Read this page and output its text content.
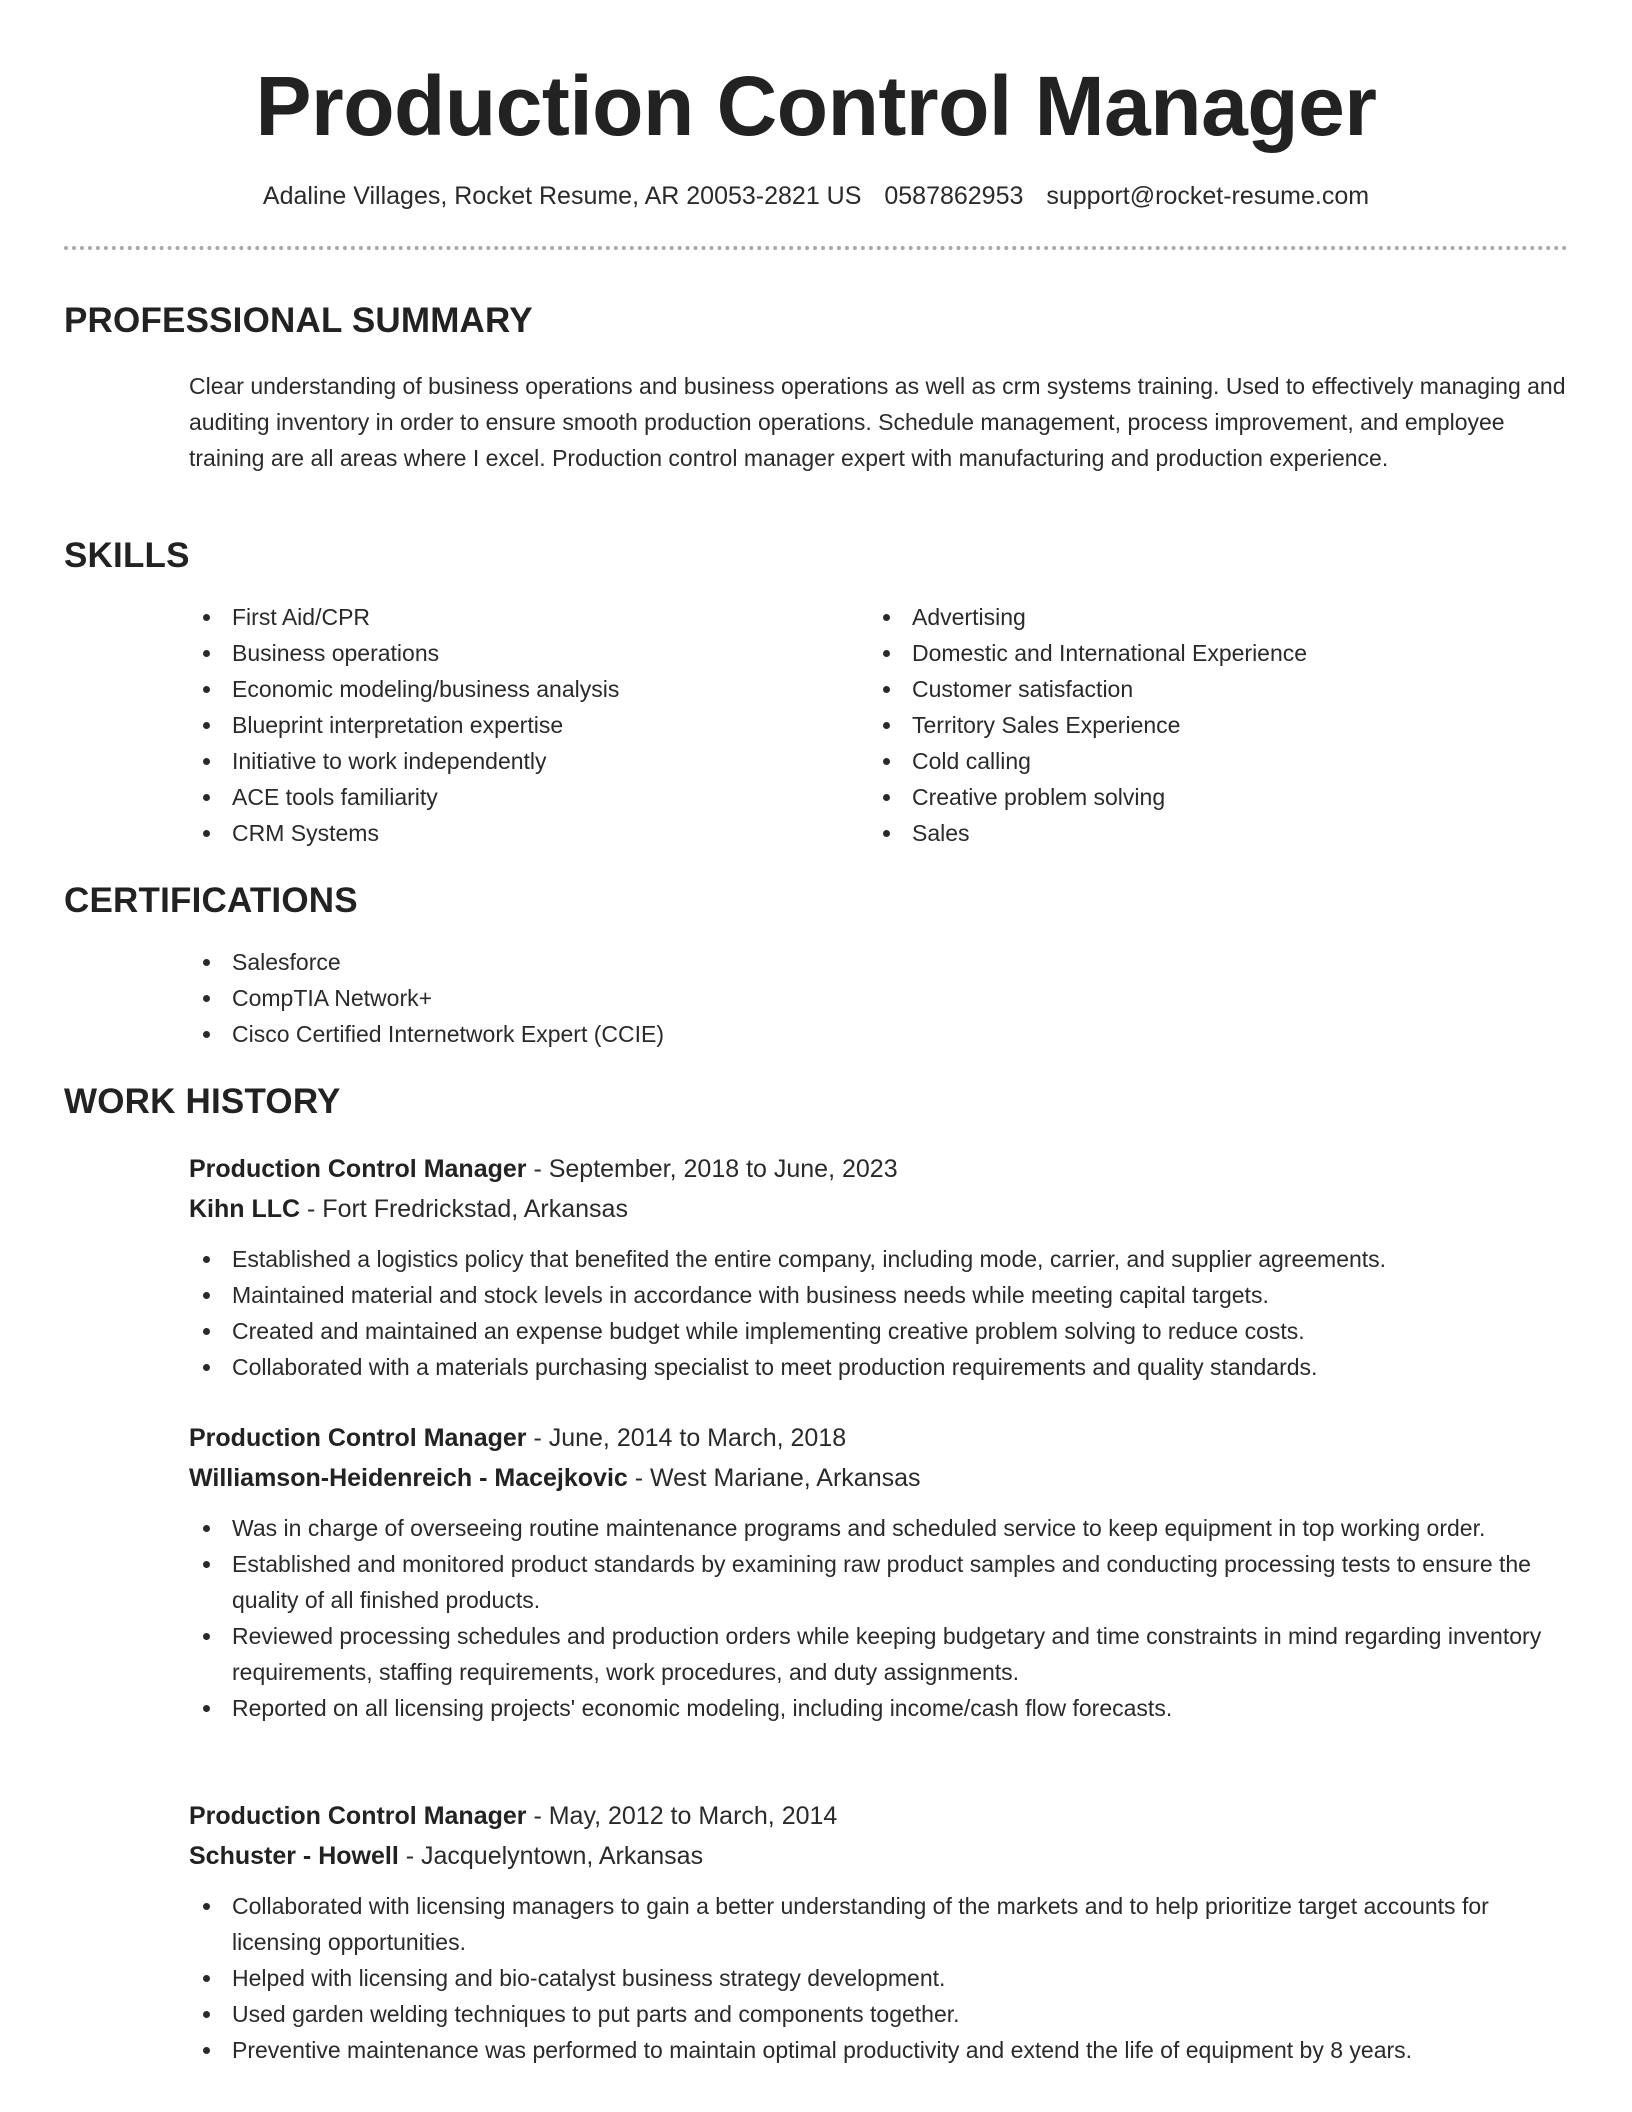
Production Control Manager
Adaline Villages, Rocket Resume, AR 20053-2821 US 0587862953 support@rocket-resume.com
PROFESSIONAL SUMMARY

Clear understanding of business operations and business operations as well as crm systems training. Used to effectively managing and auditing inventory in order to ensure smooth production operations. Schedule management, process improvement, and employee training are all areas where I excel. Production control manager expert with manufacturing and production experience.

SKILLS
First Aid/CPR
Business operations
Economic modeling/business analysis
Blueprint interpretation expertise
Initiative to work independently
ACE tools familiarity
CRM Systems
Advertising
Domestic and International Experience
Customer satisfaction
Territory Sales Experience
Cold calling
Creative problem solving
Sales
CERTIFICATIONS
Salesforce
CompTIA Network+
Cisco Certified Internetwork Expert (CCIE)
WORK HISTORY
Production Control Manager - September, 2018 to June, 2023
Kihn LLC - Fort Fredrickstad, Arkansas
Established a logistics policy that benefited the entire company, including mode, carrier, and supplier agreements.
Maintained material and stock levels in accordance with business needs while meeting capital targets.
Created and maintained an expense budget while implementing creative problem solving to reduce costs.
Collaborated with a materials purchasing specialist to meet production requirements and quality standards.
Production Control Manager - June, 2014 to March, 2018
Williamson-Heidenreich - Macejkovic - West Mariane, Arkansas
Was in charge of overseeing routine maintenance programs and scheduled service to keep equipment in top working order.
Established and monitored product standards by examining raw product samples and conducting processing tests to ensure the quality of all finished products.
Reviewed processing schedules and production orders while keeping budgetary and time constraints in mind regarding inventory requirements, staffing requirements, work procedures, and duty assignments.
Reported on all licensing projects' economic modeling, including income/cash flow forecasts.
Production Control Manager - May, 2012 to March, 2014
Schuster - Howell - Jacquelyntown, Arkansas
Collaborated with licensing managers to gain a better understanding of the markets and to help prioritize target accounts for licensing opportunities.
Helped with licensing and bio-catalyst business strategy development.
Used garden welding techniques to put parts and components together.
Preventive maintenance was performed to maintain optimal productivity and extend the life of equipment by 8 years.
